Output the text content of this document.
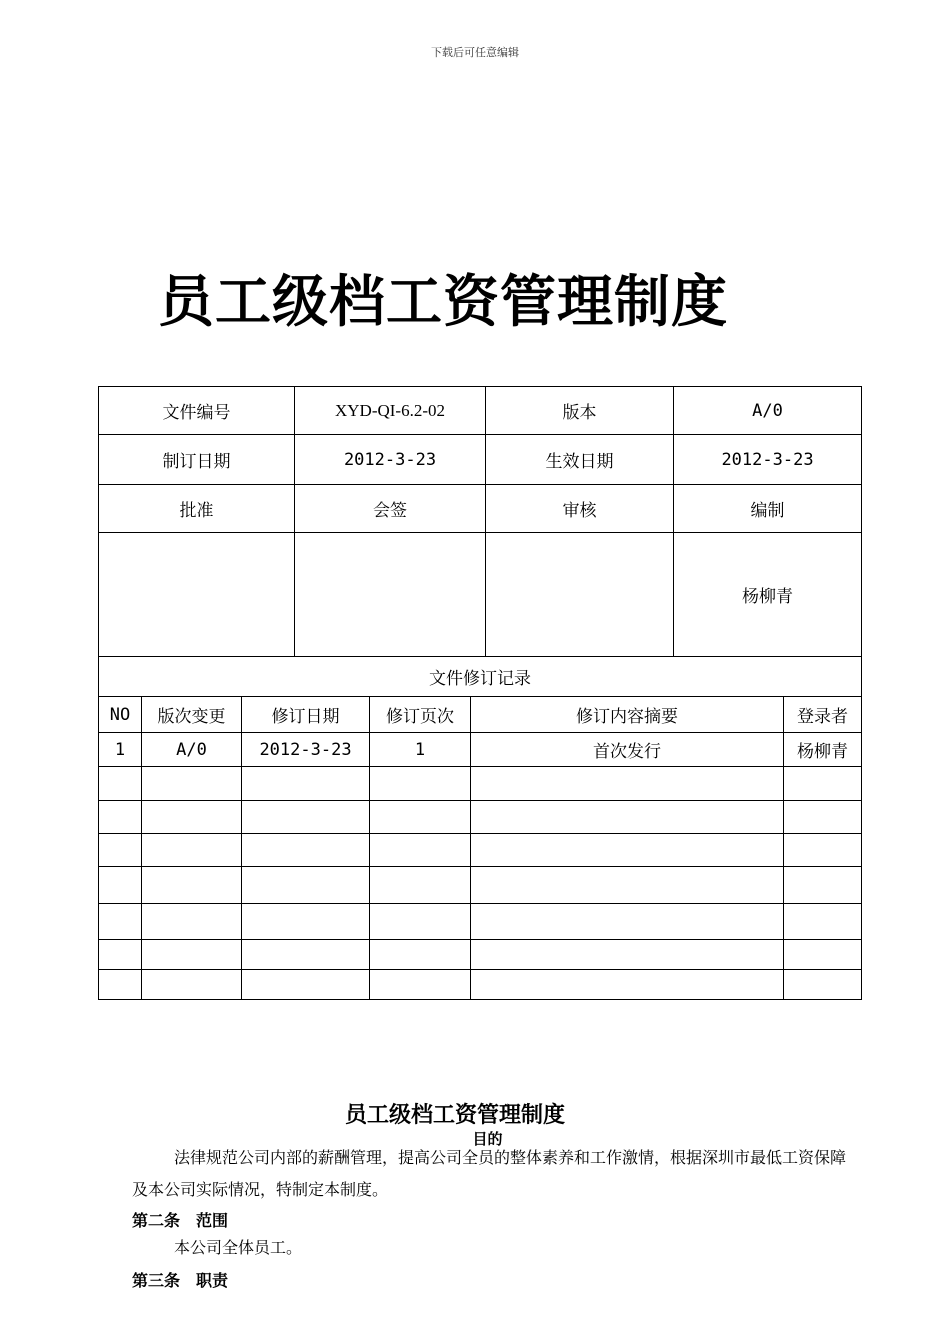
下载后可任意编辑
员工级档工资管理制度
文件编号	XYD-QI-6.2-02	版本	A/0
制订日期	2012-3-23	生效日期	2012-3-23
批准	会签	审核	编制
			杨柳青
文件修订记录					
NO	版次变更	修订日期	修订页次	修订内容摘要	登录者
1	A/0	2012-3-23	1	首次发行	杨柳青

员工级档工资管理制度
目的
法律规范公司内部的薪酬管理，提高公司全员的整体素养和工作激情，根据深圳市最低工资保障及本公司实际情况，特制定本制度。
第二条　范围
本公司全体员工。
第三条　职责
